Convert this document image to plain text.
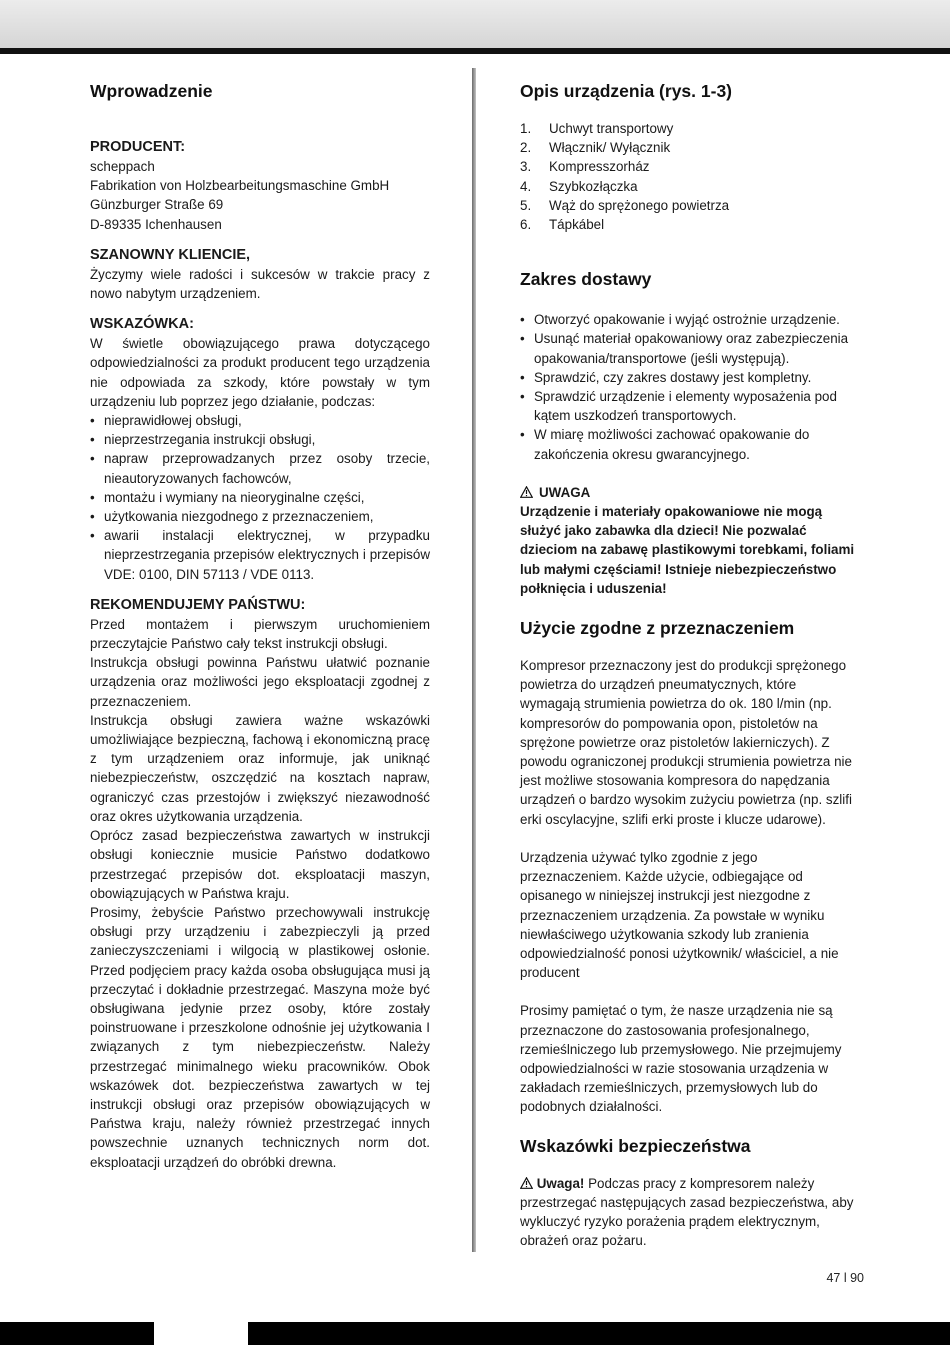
Wprowadzenie
PRODUCENT:
scheppach
Fabrikation von Holzbearbeitungsmaschine GmbH
Günzburger Straße 69
D-89335 Ichenhausen
SZANOWNY KLIENCIE,

Życzymy wiele radości i sukcesów w trakcie pracy z nowo nabytym urządzeniem.

WSKAZÓWKA:

W świetle obowiązującego prawa dotyczącego odpowiedzialności za produkt producent tego urządzenia nie odpowiada za szkody, które powstały w tym urządzeniu lub poprzez jego działanie, podczas:

• nieprawidłowej obsługi,
• nieprzestrzegania instrukcji obsługi,
• napraw przeprowadzanych przez osoby trzecie, nieautoryzowanych fachowców,
• montażu i wymiany na nieoryginalne części,
• użytkowania niezgodnego z przeznaczeniem,
• awarii instalacji elektrycznej, w przypadku nieprzestrzegania przepisów elektrycznych i przepisów VDE: 0100, DIN 57113 / VDE 0113.
REKOMENDUJEMY PAŃSTWU:

Przed montażem i pierwszym uruchomieniem przeczytajcie Państwo cały tekst instrukcji obsługi.

Instrukcja obsługi powinna Państwu ułatwić poznanie urządzenia oraz możliwości jego eksploatacji zgodnej z przeznaczeniem.

Instrukcja obsługi zawiera ważne wskazówki umożliwiające bezpieczną, fachową i ekonomiczną pracę z tym urządzeniem oraz informuje, jak uniknąć niebezpieczeństw, oszczędzić na kosztach napraw, ograniczyć czas przestojów i zwiększyć niezawodność oraz okres użytkowania urządzenia.

Oprócz zasad bezpieczeństwa zawartych w instrukcji obsługi koniecznie musicie Państwo dodatkowo przestrzegać przepisów dot. eksploatacji maszyn, obowiązujących w Państwa kraju.

Prosimy, żebyście Państwo przechowywali instrukcję obsługi przy urządzeniu i zabezpieczyli ją przed zanieczyszczeniami i wilgocią w plastikowej osłonie. Przed podjęciem pracy każda osoba obsługująca musi ją przeczytać i dokładnie przestrzegać. Maszyna może być obsługiwana jedynie przez osoby, które zostały poinstruowane i przeszkolone odnośnie jej użytkowania I związanych z tym niebezpieczeństw. Należy przestrzegać minimalnego wieku pracowników. Obok wskazówek dot. bezpieczeństwa zawartych w tej instrukcji obsługi oraz przepisów obowiązujących w Państwa kraju, należy również przestrzegać innych powszechnie uznanych technicznych norm dot. eksploatacji urządzeń do obróbki drewna.

Opis urządzenia (rys. 1-3)
1.	Uchwyt transportowy
2.	Włącznik/ Wyłącznik
3.	Kompresszorház
4.	Szybkozłączka
5.	Wąż do sprężonego powietrza
6.	Tápkábel
Zakres dostawy
• Otworzyć opakowanie i wyjąć ostrożnie urządzenie.
• Usunąć materiał opakowaniowy oraz zabezpieczenia opakowania/transportowe (jeśli występują).
• Sprawdzić, czy zakres dostawy jest kompletny.
• Sprawdzić urządzenie i elementy wyposażenia pod kątem uszkodzeń transportowych.
• W miarę możliwości zachować opakowanie do zakończenia okresu gwarancyjnego.
UWAGA

Urządzenie i materiały opakowaniowe nie mogą służyć jako zabawka dla dzieci! Nie pozwalać dzieciom na zabawę plastikowymi torebkami, foliami lub małymi częściami! Istnieje niebezpieczeństwo połknięcia i uduszenia!

Użycie zgodne z przeznaczeniem

Kompresor przeznaczony jest do produkcji sprężonego powietrza do urządzeń pneumatycznych, które wymagają strumienia powietrza do ok. 180 l/min (np. kompresorów do pompowania opon, pistoletów na sprężone powietrze oraz pistoletów lakierniczych). Z powodu ograniczonej produkcji strumienia powietrza nie jest możliwe stosowania kompresora do napędzania urządzeń o bardzo wysokim zużyciu powietrza (np. szlifi erki oscylacyjne, szlifi erki proste i klucze udarowe).

Urządzenia używać tylko zgodnie z jego przeznaczeniem. Każde użycie, odbiegające od opisanego w niniejszej instrukcji jest niezgodne z przeznaczeniem urządzenia. Za powstałe w wyniku niewłaściwego użytkowania szkody lub zranienia odpowiedzialność ponosi użytkownik/ właściciel, a nie producent

Prosimy pamiętać o tym, że nasze urządzenia nie są przeznaczone do zastosowania profesjonalnego, rzemieślniczego lub przemysłowego. Nie przejmujemy odpowiedzialności w razie stosowania urządzenia w zakładach rzemieślniczych, przemysłowych lub do podobnych działalności.

Wskazówki bezpieczeństwa

Uwaga! Podczas pracy z kompresorem należy przestrzegać następujących zasad bezpieczeństwa, aby wykluczyć ryzyko porażenia prądem elektrycznym, obrażeń oraz pożaru.

47 l 90
